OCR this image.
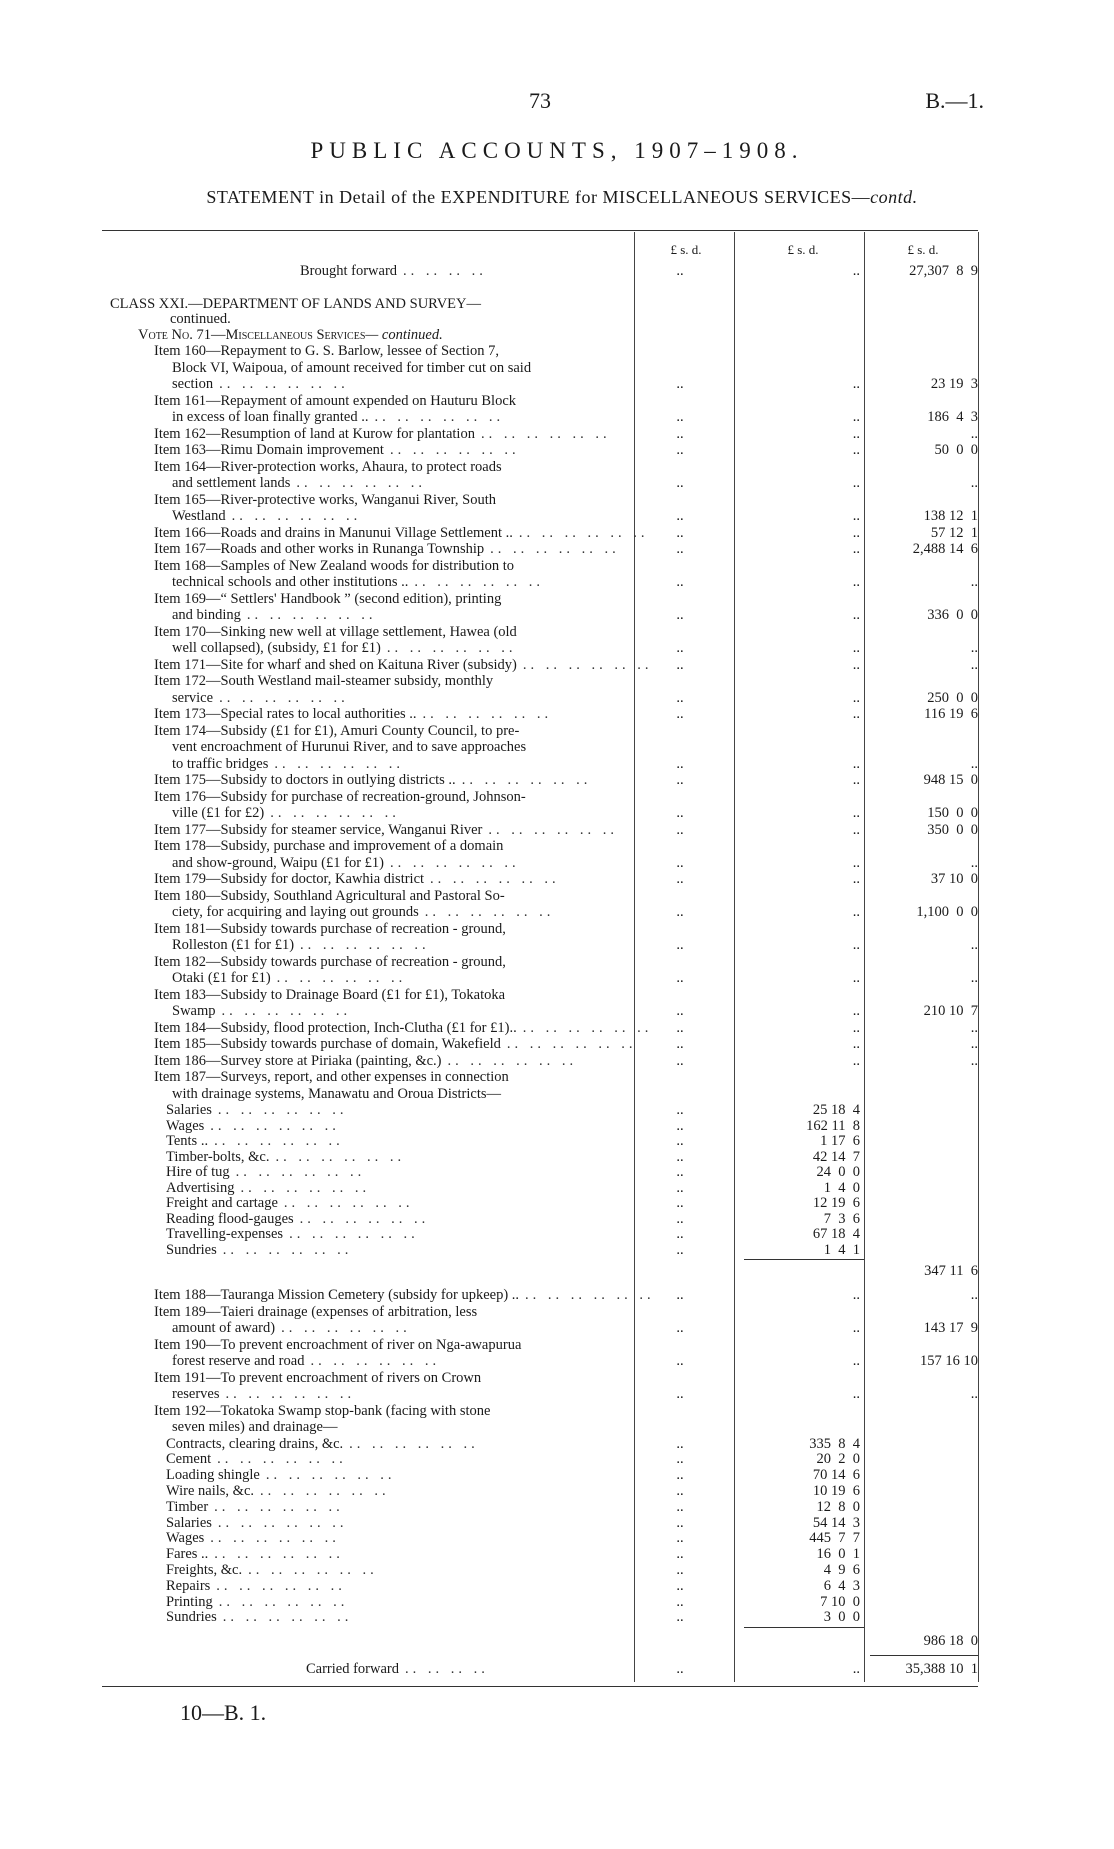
73	B.—1.
PUBLIC ACCOUNTS, 1907–1908.
STATEMENT in Detail of the EXPENDITURE for MISCELLANEOUS SERVICES—contd.
£ s. d.	£ s. d.	£ s. d.
Brought forward .. .. .. ..	..	..	27,307  8  9
CLASS XXI.—DEPARTMENT OF LANDS AND SURVEY—
continued.
Vote No. 71—Miscellaneous Services— continued.
Item 160—Repayment to G. S. Barlow, lessee of Section 7,
Block VI, Waipoua, of amount received for timber cut on said
section .. .. .. .. .. ..	..	..	23 19  3
Item 161—Repayment of amount expended on Hauturu Block
in excess of loan finally granted .. .. .. .. .. .. ..	..	..	186  4  3
Item 162—Resumption of land at Kurow for plantation .. .. .. .. .. ..	..	..	..
Item 163—Rimu Domain improvement .. .. .. .. .. ..	..	..	50  0  0
Item 164—River-protection works, Ahaura, to protect roads
and settlement lands .. .. .. .. .. ..	..	..	..
Item 165—River-protective works, Wanganui River, South
Westland .. .. .. .. .. ..	..	..	138 12  1
Item 166—Roads and drains in Manunui Village Settlement .. .. .. .. .. .. ..	..	..	57 12  1
Item 167—Roads and other works in Runanga Township .. .. .. .. .. ..	..	..	2,488 14  6
Item 168—Samples of New Zealand woods for distribution to
technical schools and other institutions .. .. .. .. .. .. ..	..	..	..
Item 169—“ Settlers' Handbook ” (second edition), printing
and binding .. .. .. .. .. ..	..	..	336  0  0
Item 170—Sinking new well at village settlement, Hawea (old
well collapsed), (subsidy, £1 for £1) .. .. .. .. .. ..	..	..	..
Item 171—Site for wharf and shed on Kaituna River (subsidy) .. .. .. .. .. ..	..	..	..
Item 172—South Westland mail-steamer subsidy, monthly
service .. .. .. .. .. ..	..	..	250  0  0
Item 173—Special rates to local authorities .. .. .. .. .. .. ..	..	..	116 19  6
Item 174—Subsidy (£1 for £1), Amuri County Council, to pre-
vent encroachment of Hurunui River, and to save approaches
to traffic bridges .. .. .. .. .. ..	..	..	..
Item 175—Subsidy to doctors in outlying districts .. .. .. .. .. .. ..	..	..	948 15  0
Item 176—Subsidy for purchase of recreation-ground, Johnson-
ville (£1 for £2) .. .. .. .. .. ..	..	..	150  0  0
Item 177—Subsidy for steamer service, Wanganui River .. .. .. .. .. ..	..	..	350  0  0
Item 178—Subsidy, purchase and improvement of a domain
and show-ground, Waipu (£1 for £1) .. .. .. .. .. ..	..	..	..
Item 179—Subsidy for doctor, Kawhia district .. .. .. .. .. ..	..	..	37 10  0
Item 180—Subsidy, Southland Agricultural and Pastoral So-
ciety, for acquiring and laying out grounds .. .. .. .. .. ..	..	..	1,100  0  0
Item 181—Subsidy towards purchase of recreation - ground,
Rolleston (£1 for £1) .. .. .. .. .. ..	..	..	..
Item 182—Subsidy towards purchase of recreation - ground,
Otaki (£1 for £1) .. .. .. .. .. ..	..	..	..
Item 183—Subsidy to Drainage Board (£1 for £1), Tokatoka
Swamp .. .. .. .. .. ..	..	..	210 10  7
Item 184—Subsidy, flood protection, Inch-Clutha (£1 for £1).. .. .. .. .. .. ..	..	..	..
Item 185—Subsidy towards purchase of domain, Wakefield .. .. .. .. .. ..	..	..	..
Item 186—Survey store at Piriaka (painting, &c.) .. .. .. .. .. ..	..	..	..
Item 187—Surveys, report, and other expenses in connection
with drainage systems, Manawatu and Oroua Districts—
Salaries .. .. .. .. .. ..	..	25 18  4
Wages .. .. .. .. .. ..	..	162 11  8
Tents .. .. .. .. .. .. ..	..	1 17  6
Timber-bolts, &c. .. .. .. .. .. ..	..	42 14  7
Hire of tug .. .. .. .. .. ..	..	24  0  0
Advertising .. .. .. .. .. ..	..	1  4  0
Freight and cartage .. .. .. .. .. ..	..	12 19  6
Reading flood-gauges .. .. .. .. .. ..	..	7  3  6
Travelling-expenses .. .. .. .. .. ..	..	67 18  4
Sundries .. .. .. .. .. ..	..	1  4  1
347 11  6
Item 188—Tauranga Mission Cemetery (subsidy for upkeep) .. .. .. .. .. .. ..	..	..	..
Item 189—Taieri drainage (expenses of arbitration, less
amount of award) .. .. .. .. .. ..	..	..	143 17  9
Item 190—To prevent encroachment of river on Nga-awapurua
forest reserve and road .. .. .. .. .. ..	..	..	157 16 10
Item 191—To prevent encroachment of rivers on Crown
reserves .. .. .. .. .. ..	..	..	..
Item 192—Tokatoka Swamp stop-bank (facing with stone
seven miles) and drainage—
Contracts, clearing drains, &c. .. .. .. .. .. ..	..	335  8  4
Cement .. .. .. .. .. ..	..	20  2  0
Loading shingle .. .. .. .. .. ..	..	70 14  6
Wire nails, &c. .. .. .. .. .. ..	..	10 19  6
Timber .. .. .. .. .. ..	..	12  8  0
Salaries .. .. .. .. .. ..	..	54 14  3
Wages .. .. .. .. .. ..	..	445  7  7
Fares .. .. .. .. .. .. ..	..	16  0  1
Freights, &c. .. .. .. .. .. ..	..	4  9  6
Repairs .. .. .. .. .. ..	..	6  4  3
Printing .. .. .. .. .. ..	..	7 10  0
Sundries .. .. .. .. .. ..	..	3  0  0
986 18  0
Carried forward .. .. .. ..	..	..	35,388 10  1
10—B. 1.
